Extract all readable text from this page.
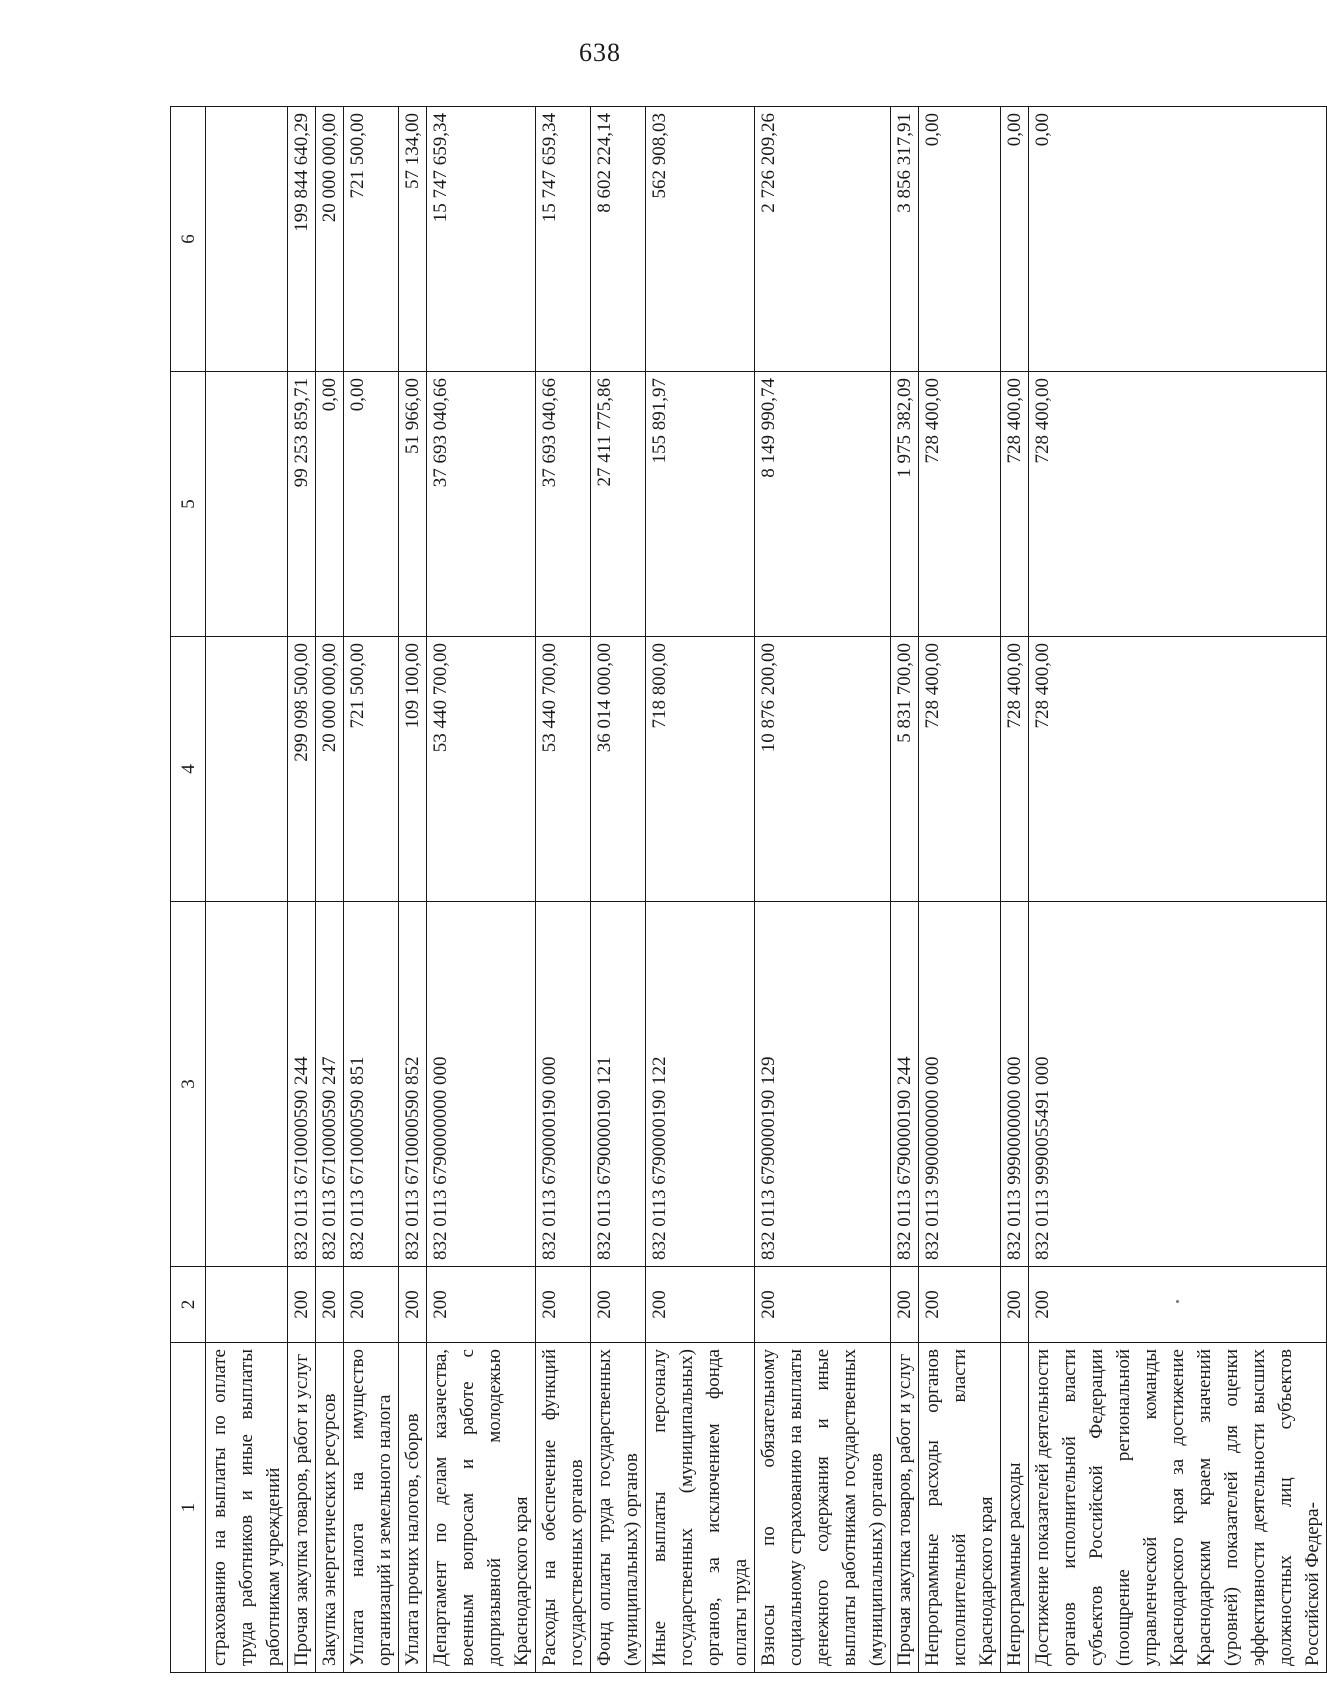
638
1	2	3	4	5	6
страхованию на выплаты по оплате труда работников и иные выплаты работникам учреждений					
Прочая закупка товаров, работ и услуг	200	832 0113 6710000590 244	299 098 500,00	99 253 859,71	199 844 640,29
Закупка энергетических ресурсов	200	832 0113 6710000590 247	20 000 000,00	0,00	20 000 000,00
Уплата налога на имущество организаций и земельного налога	200	832 0113 6710000590 851	721 500,00	0,00	721 500,00
Уплата прочих налогов, сборов	200	832 0113 6710000590 852	109 100,00	51 966,00	57 134,00
Департамент по делам казачества, военным вопросам и работе с допризывной молодежью Краснодарского края	200	832 0113 6790000000 000	53 440 700,00	37 693 040,66	15 747 659,34
Расходы на обеспечение функций государственных органов	200	832 0113 6790000190 000	53 440 700,00	37 693 040,66	15 747 659,34
Фонд оплаты труда государственных (муниципальных) органов	200	832 0113 6790000190 121	36 014 000,00	27 411 775,86	8 602 224,14
Иные выплаты персоналу государственных (муниципальных) органов, за исключением фонда оплаты труда	200	832 0113 6790000190 122	718 800,00	155 891,97	562 908,03
Взносы по обязательному социальному страхованию на выплаты денежного содержания и иные выплаты работникам государственных (муниципальных) органов	200	832 0113 6790000190 129	10 876 200,00	8 149 990,74	2 726 209,26
Прочая закупка товаров, работ и услуг	200	832 0113 6790000190 244	5 831 700,00	1 975 382,09	3 856 317,91
Непрограммные расходы органов исполнительной власти Краснодарского края	200	832 0113 9900000000 000	728 400,00	728 400,00	0,00
Непрограммные расходы	200	832 0113 9990000000 000	728 400,00	728 400,00	0,00
Достижение показателей деятельности органов исполнительной власти субъектов Российской Федерации (поощрение региональной управленческой команды Краснодарского края за достижение Краснодарским краем значений (уровней) показателей для оценки эффективности деятельности высших должностных лиц субъектов Российской Федера-	200	832 0113 9990055491 000	728 400,00	728 400,00	0,00
